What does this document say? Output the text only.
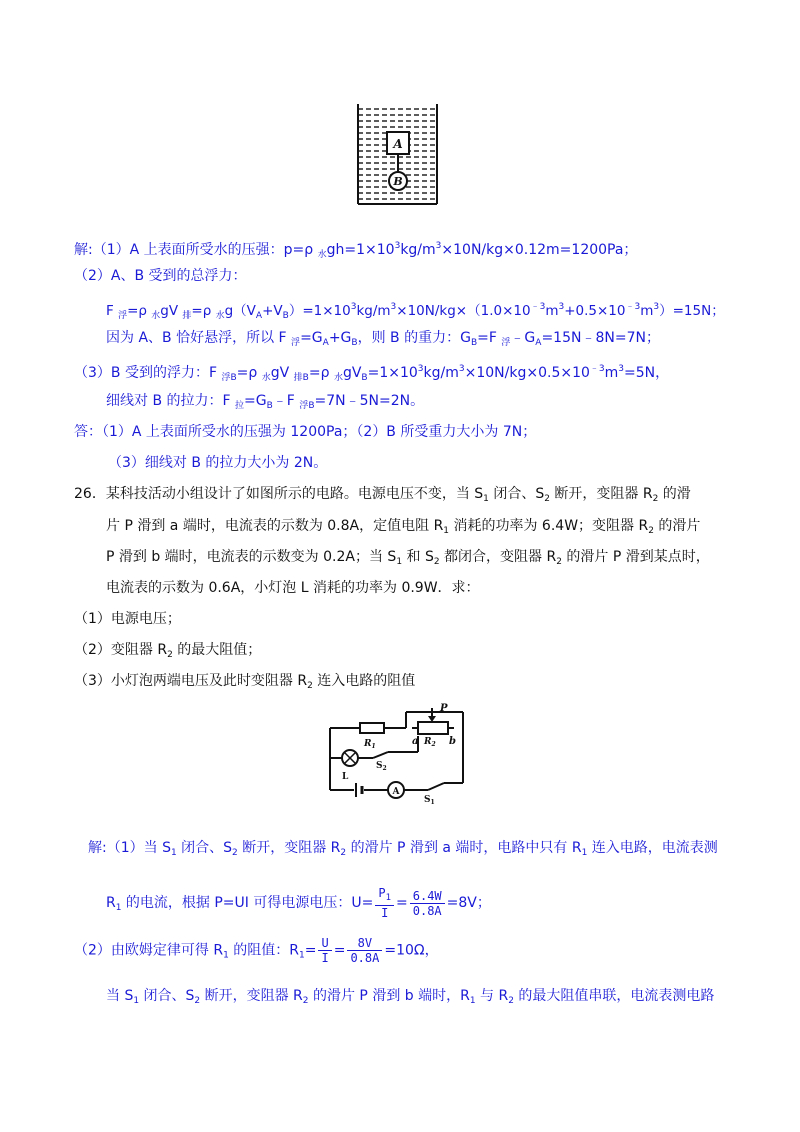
A
B
解:（1）A 上表面所受水的压强：p=ρ $_水gh=1\times 10^3kg/m^3\times 10N/kg\times 0.12m=1200Pa$；
（2）A、B 受到的总浮力：
F $_浮$=ρ $_水$gV $_排$=ρ $_水g(V_A+V_B)=1\times 10^3kg/m^3\times 10N/kg\times(1.0\times 10^{﹣3}m^3+0.5\times 10^{﹣3}m^3)=15N$；
因为 A、B 恰好悬浮，所以 F $_浮=G_A+G_B$，则 B 的重力：$G_B=F$ $_浮﹣G_A=15N﹣8N=7N$；
（3）B 受到的浮力：F $_{浮B}$=ρ $_水$gV $_{排B}$=ρ $_水gV_B=1\times 10^3kg/m^3\times 10N/kg\times 0.5\times 10^{﹣3}m^3=5N$，
细线对 B 的拉力：F $_拉=G_B﹣F$ $_{浮B}$=7N﹣5N=2N。
答：（1）A 上表面所受水的压强为 1200Pa；（2）B 所受重力大小为 7N；
（3）细线对 B 的拉力大小为 2N。
26．某科技活动小组设计了如图所示的电路。电源电压不变，当 $S_1$ 闭合、$S_2$ 断开，变阻器 $R_2$ 的滑
片 P 滑到 a 端时，电流表的示数为 0.8A，定值电阻 $R_1$ 消耗的功率为 6.4W；变阻器 $R_2$ 的滑片
P 滑到 b 端时，电流表的示数变为 0.2A；当 $S_1$ 和 $S_2$ 都闭合，变阻器 $R_2$ 的滑片 P 滑到某点时，
电流表的示数为 0.6A，小灯泡 L 消耗的功率为 0.9W．求：
（1）电源电压；
（2）变阻器 $R_2$ 的最大阻值；
（3）小灯泡两端电压及此时变阻器 $R_2$ 连入电路的阻值
P
$R_1$	a $R_2$ b
$S_2$
L
A
$S_1$
解:（1）当 $S_1$ 闭合、$S_2$ 断开，变阻器 $R_2$ 的滑片 P 滑到 a 端时，电路中只有 $R_1$ 连入电路，电流表测
$R_1$ 的电流，根据 P=UI 可得电源电压：$U= \frac{P_1}{I} = \frac{6.4W}{0.8A} =8V$；
（2）由欧姆定律可得 $R_1$ 的阻值：$R_1= \frac{U}{I} = \frac{8V}{0.8A} =10\Omega$，
当 $S_1$ 闭合、$S_2$ 断开，变阻器 $R_2$ 的滑片 P 滑到 b 端时，$R_1$ 与 $R_2$ 的最大阻值串联，电流表测电路
